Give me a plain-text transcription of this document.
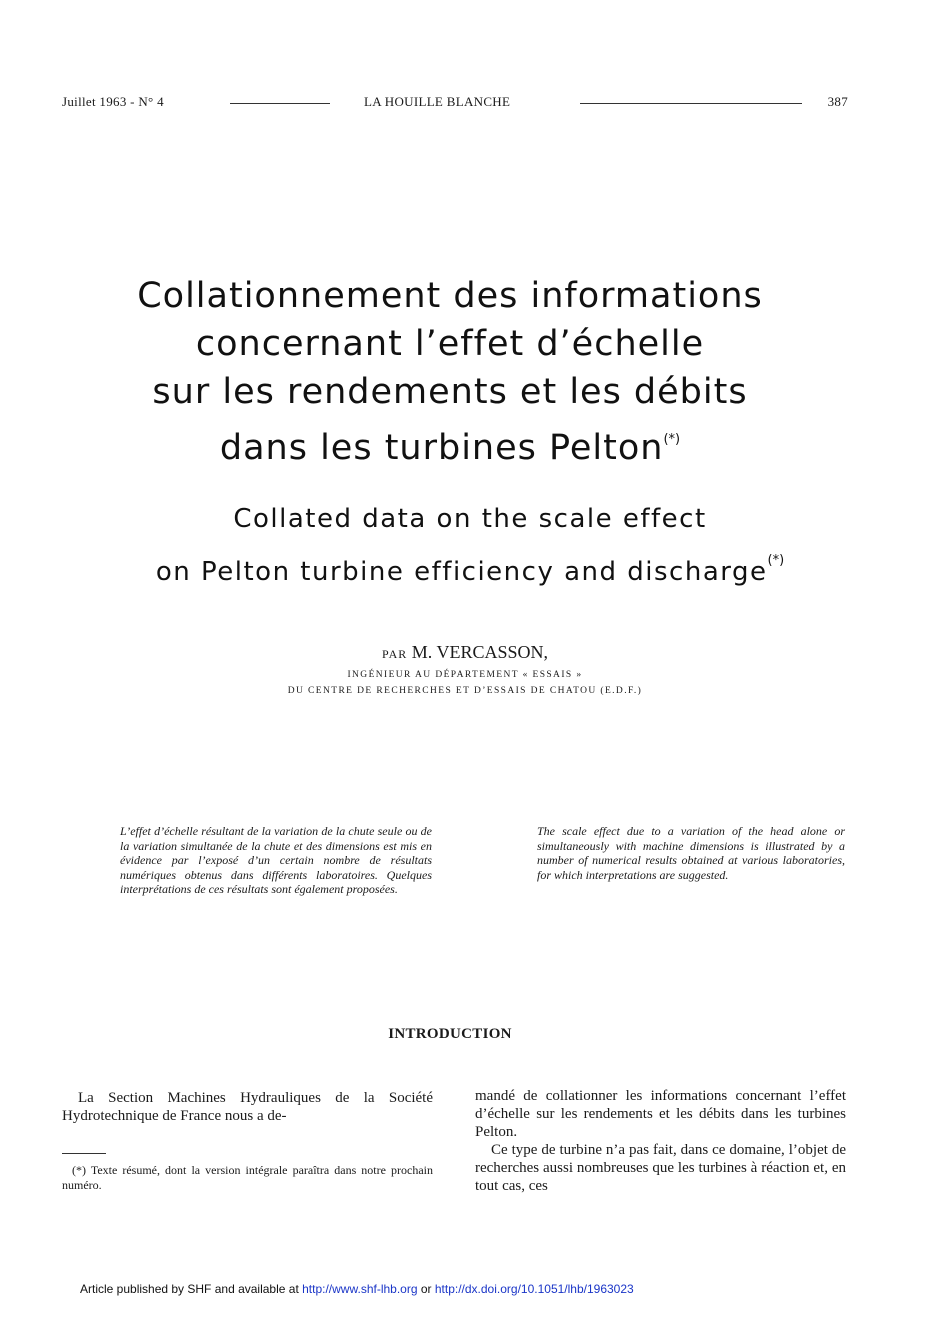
Juillet 1963 - N° 4	LA HOUILLE BLANCHE	387
Collationnement des informations
concernant l’effet d’échelle
sur les rendements et les débits
dans les turbines Pelton(*)
Collated data on the scale effect
on Pelton turbine efficiency and discharge(*)
PAR M. VERCASSON,
INGÉNIEUR AU DÉPARTEMENT « ESSAIS »
DU CENTRE DE RECHERCHES ET D’ESSAIS DE CHATOU (E.D.F.)
L’effet d’échelle résultant de la variation de la chute seule ou de la variation simultanée de la chute et des dimensions est mis en évidence par l’exposé d’un certain nombre de résultats numériques obtenus dans différents laboratoires. Quelques interprétations de ces résultats sont également proposées.
The scale effect due to a variation of the head alone or simultaneously with machine dimensions is illustrated by a number of numerical results obtained at various laboratories, for which interpretations are suggested.
INTRODUCTION
La Section Machines Hydrauliques de la Société Hydrotechnique de France nous a de-
(*) Texte résumé, dont la version intégrale paraîtra dans notre prochain numéro.

mandé de collationner les informations concernant l’effet d’échelle sur les rendements et les débits dans les turbines Pelton.

Ce type de turbine n’a pas fait, dans ce domaine, l’objet de recherches aussi nombreuses que les turbines à réaction et, en tout cas, ces

Article published by SHF and available at http://www.shf-lhb.org or http://dx.doi.org/10.1051/lhb/1963023
